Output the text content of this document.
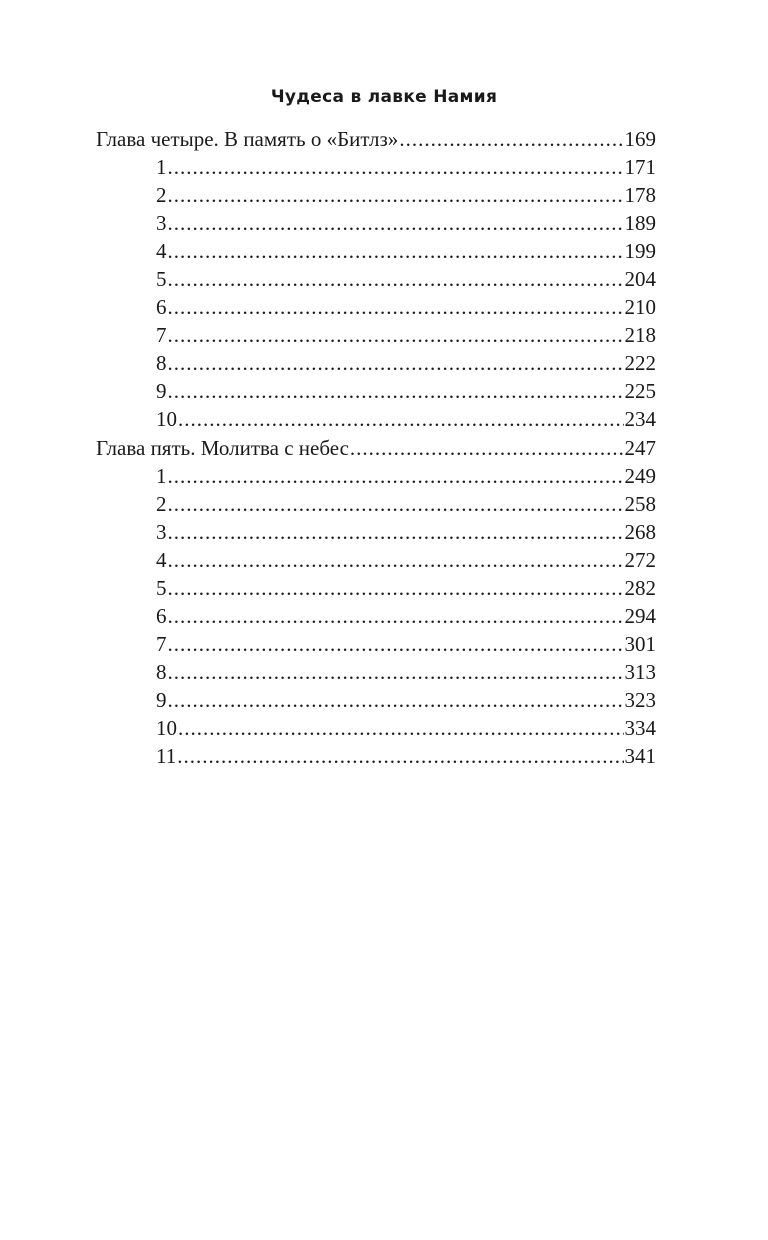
Чудеса в лавке Намия
Глава четыре. В память о «Битлз» .....	169
1 .....	171
2 .....	178
3 .....	189
4 .....	199
5 .....	204
6 .....	210
7 .....	218
8 .....	222
9 .....	225
10 .....	234
Глава пять. Молитва с небес .....	247
1 .....	249
2 .....	258
3 .....	268
4 .....	272
5 .....	282
6 .....	294
7 .....	301
8 .....	313
9 .....	323
10 .....	334
11 .....	341
